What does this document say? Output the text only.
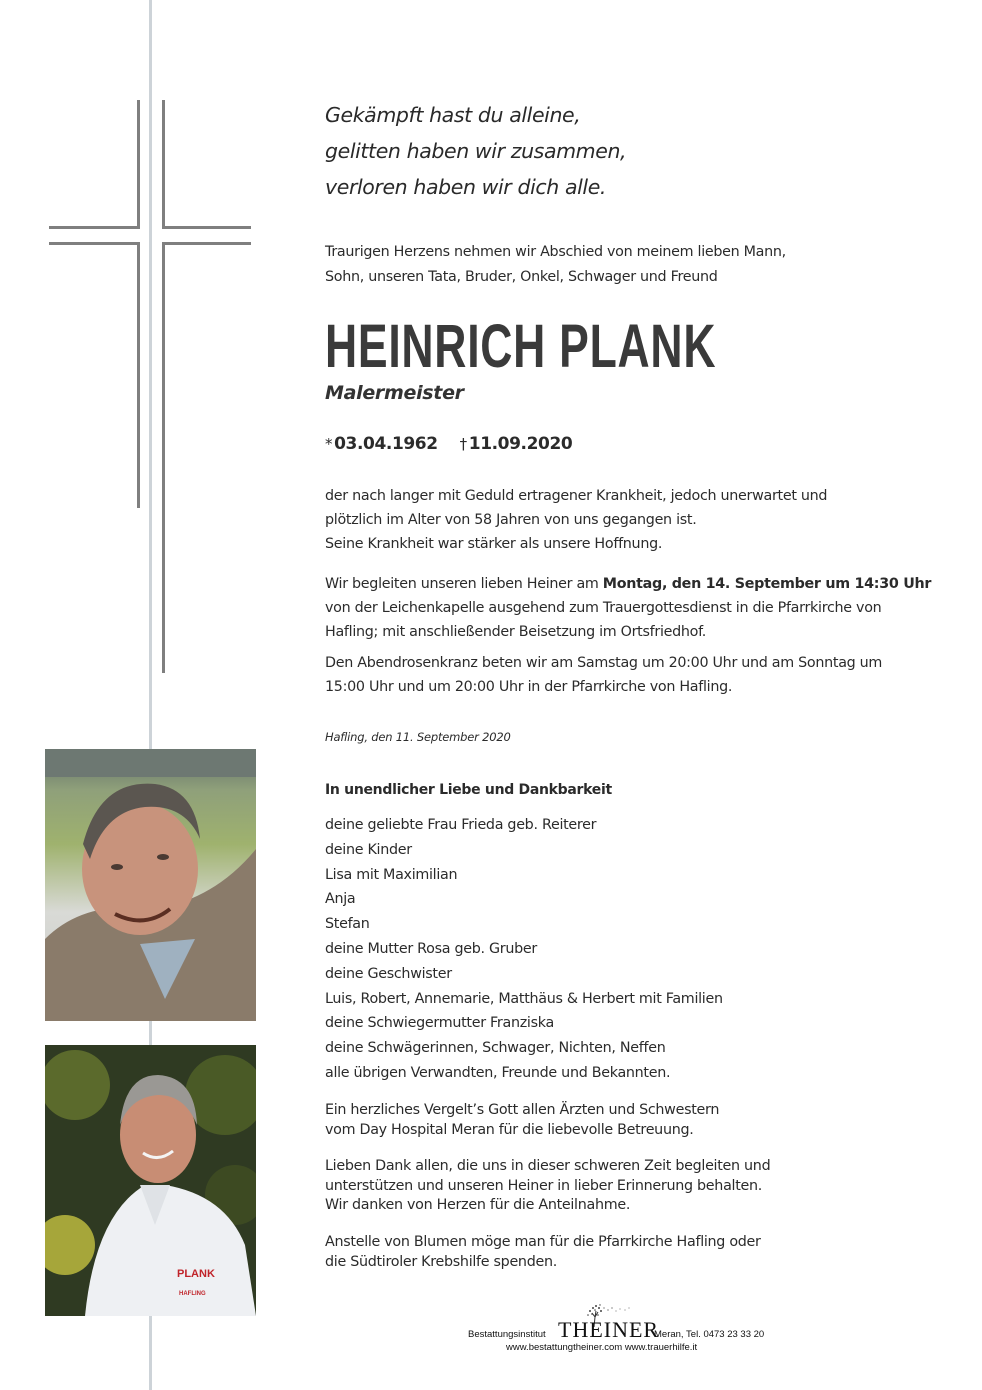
PLANK
HAFLING
Gekämpft hast du alleine,
gelitten haben wir zusammen,
verloren haben wir dich alle.
Traurigen Herzens nehmen wir Abschied von meinem lieben Mann,
Sohn, unseren Tata, Bruder, Onkel, Schwager und Freund
HEINRICH PLANK
Malermeister
* 03.04.1962 † 11.09.2020
der nach langer mit Geduld ertragener Krankheit, jedoch unerwartet und
plötzlich im Alter von 58 Jahren von uns gegangen ist.
Seine Krankheit war stärker als unsere Hoffnung.
Wir begleiten unseren lieben Heiner am Montag, den 14. September um 14:30 Uhr
von der Leichenkapelle ausgehend zum Trauergottesdienst in die Pfarrkirche von
Hafling; mit anschließender Beisetzung im Ortsfriedhof.
Den Abendrosenkranz beten wir am Samstag um 20:00 Uhr und am Sonntag um
15:00 Uhr und um 20:00 Uhr in der Pfarrkirche von Hafling.
Hafling, den 11. September 2020
In unendlicher Liebe und Dankbarkeit
deine geliebte Frau Frieda geb. Reiterer
deine Kinder
Lisa mit Maximilian
Anja
Stefan
deine Mutter Rosa geb. Gruber
deine Geschwister
Luis, Robert, Annemarie, Matthäus & Herbert mit Familien
deine Schwiegermutter Franziska
deine Schwägerinnen, Schwager, Nichten, Neffen
alle übrigen Verwandten, Freunde und Bekannten.
Ein herzliches Vergelt’s Gott allen Ärzten und Schwestern
vom Day Hospital Meran für die liebevolle Betreuung.
Lieben Dank allen, die uns in dieser schweren Zeit begleiten und
unterstützen und unseren Heiner in lieber Erinnerung behalten.
Wir danken von Herzen für die Anteilnahme.
Anstelle von Blumen möge man für die Pfarrkirche Hafling oder
die Südtiroler Krebshilfe spenden.
Bestattungsinstitut THEINER
Meran, Tel. 0473 23 33 20
www.bestattungtheiner.com www.trauerhilfe.it
